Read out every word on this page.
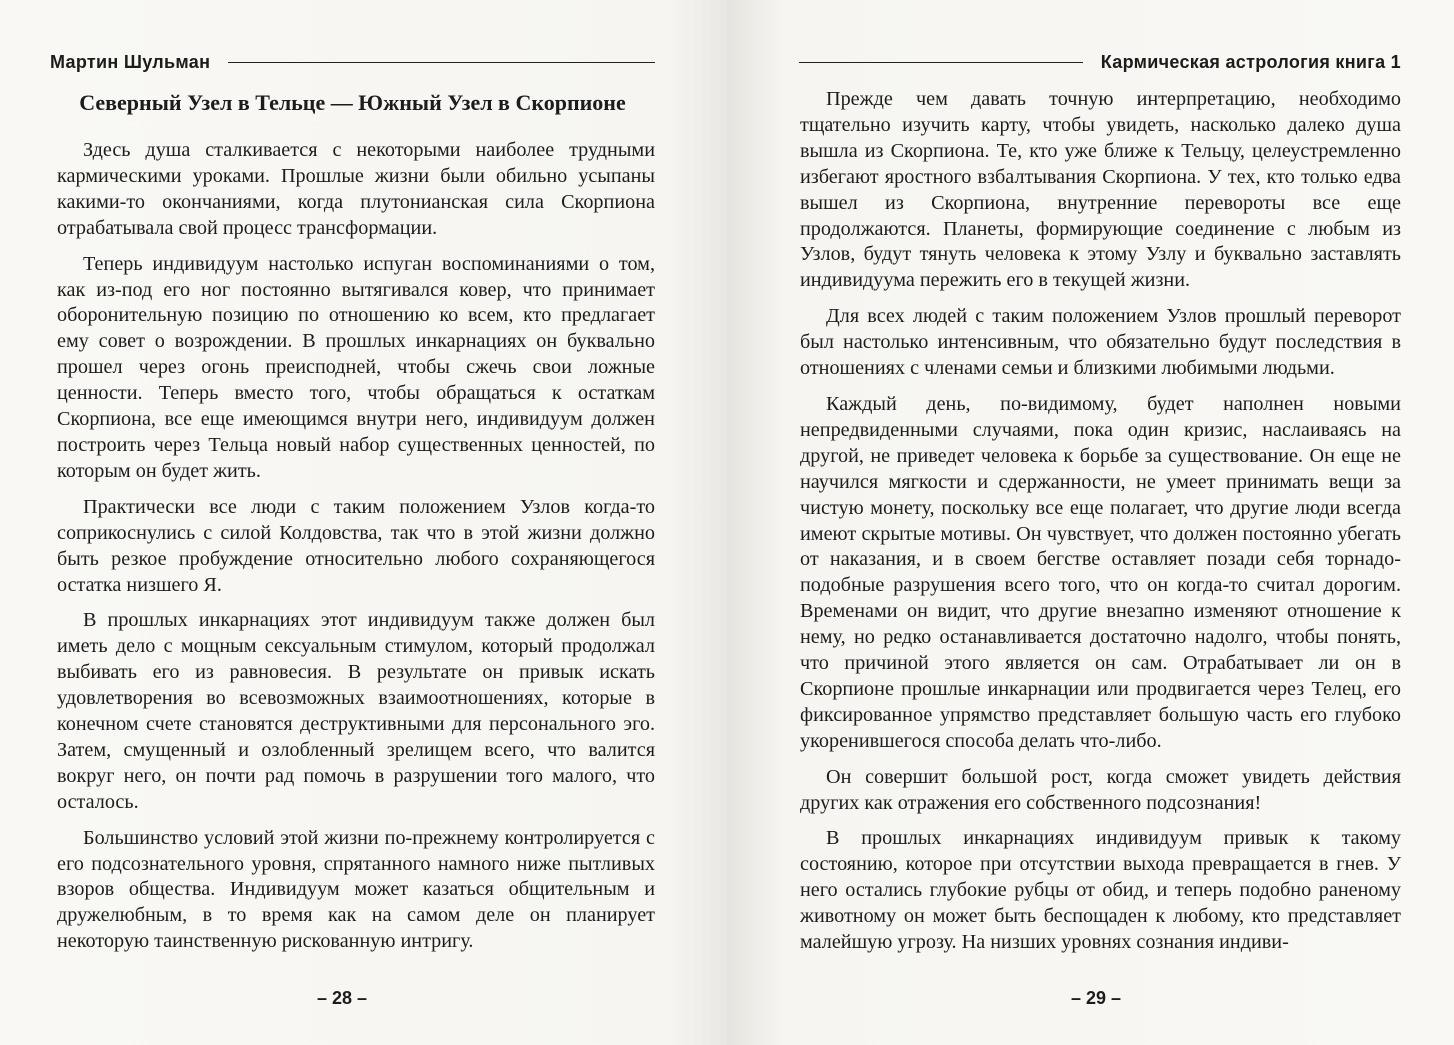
Мартин Шульман
Северный Узел в Тельце — Южный Узел в Скорпионе

Здесь душа сталкивается с некоторыми наиболее трудными кармическими уроками. Прошлые жизни были обильно усыпаны какими-то окончаниями, когда плутонианская сила Скорпиона отрабатывала свой процесс трансформации.

Теперь индивидуум настолько испуган воспоминаниями о том, как из-под его ног постоянно вытягивался ковер, что принимает оборонительную позицию по отношению ко всем, кто предлагает ему совет о возрождении. В прошлых инкарнациях он буквально прошел через огонь преисподней, чтобы сжечь свои ложные ценности. Теперь вместо того, чтобы обращаться к остаткам Скорпиона, все еще имеющимся внутри него, индивидуум должен построить через Тельца новый набор существенных ценностей, по которым он будет жить.

Практически все люди с таким положением Узлов когда-то соприкоснулись с силой Колдовства, так что в этой жизни должно быть резкое пробуждение относительно любого сохраняющегося остатка низшего Я.

В прошлых инкарнациях этот индивидуум также должен был иметь дело с мощным сексуальным стимулом, который продолжал выбивать его из равновесия. В результате он привык искать удовлетворения во всевозможных взаимоотношениях, которые в конечном счете становятся деструктивными для персонального эго. Затем, смущенный и озлобленный зрелищем всего, что валится вокруг него, он почти рад помочь в разрушении того малого, что осталось.

Большинство условий этой жизни по-прежнему контролируется с его подсознательного уровня, спрятанного намного ниже пытливых взоров общества. Индивидуум может казаться общительным и дружелюбным, в то время как на самом деле он планирует некоторую таинственную рискованную интригу.

– 28 –
Кармическая астрология книга 1

Прежде чем давать точную интерпретацию, необходимо тщательно изучить карту, чтобы увидеть, насколько далеко душа вышла из Скорпиона. Те, кто уже ближе к Тельцу, целеустремленно избегают яростного взбалтывания Скорпиона. У тех, кто только едва вышел из Скорпиона, внутренние перевороты все еще продолжаются. Планеты, формирующие соединение с любым из Узлов, будут тянуть человека к этому Узлу и буквально заставлять индивидуума пережить его в текущей жизни.

Для всех людей с таким положением Узлов прошлый переворот был настолько интенсивным, что обязательно будут последствия в отношениях с членами семьи и близкими любимыми людьми.

Каждый день, по-видимому, будет наполнен новыми непредвиденными случаями, пока один кризис, наслаиваясь на другой, не приведет человека к борьбе за существование. Он еще не научился мягкости и сдержанности, не умеет принимать вещи за чистую монету, поскольку все еще полагает, что другие люди всегда имеют скрытые мотивы. Он чувствует, что должен постоянно убегать от наказания, и в своем бегстве оставляет позади себя торнадо-подобные разрушения всего того, что он когда-то считал дорогим. Временами он видит, что другие внезапно изменяют отношение к нему, но редко останавливается достаточно надолго, чтобы понять, что причиной этого является он сам. Отрабатывает ли он в Скорпионе прошлые инкарнации или продвигается через Телец, его фиксированное упрямство представляет большую часть его глубоко укоренившегося способа делать что-либо.

Он совершит большой рост, когда сможет увидеть действия других как отражения его собственного подсознания!

В прошлых инкарнациях индивидуум привык к такому состоянию, которое при отсутствии выхода превращается в гнев. У него остались глубокие рубцы от обид, и теперь подобно раненому животному он может быть беспощаден к любому, кто представляет малейшую угрозу. На низших уровнях сознания индиви-

– 29 –
